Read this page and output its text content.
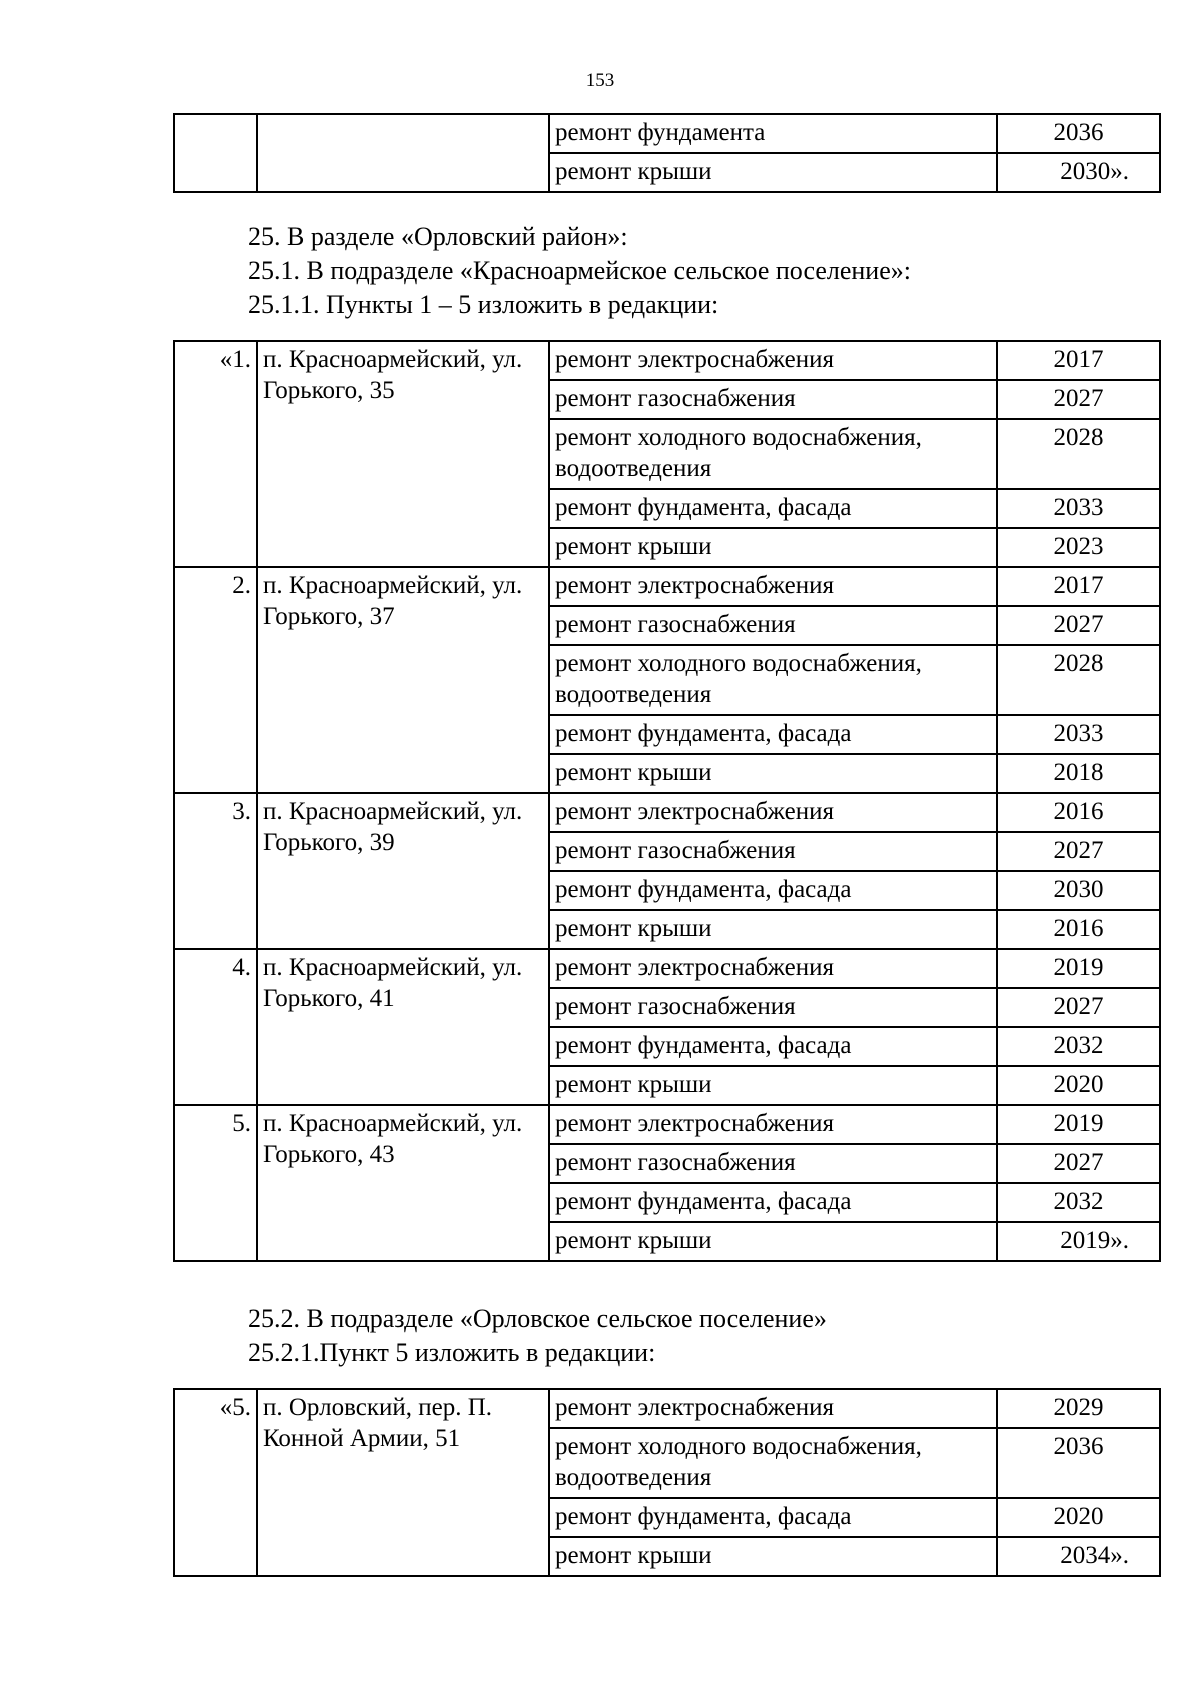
153
		ремонт фундамента	2036
		ремонт крыши	2030».
25. В разделе «Орловский район»:
25.1. В подразделе «Красноармейское сельское поселение»:
25.1.1. Пункты 1 – 5 изложить в редакции:
«1.	п. Красноармейский, ул. Горького, 35	ремонт электроснабжения	2017
		ремонт газоснабжения	2027
		ремонт холодного водоснабжения, водоотведения	2028
		ремонт фундамента, фасада	2033
		ремонт крыши	2023
2.	п. Красноармейский, ул. Горького, 37	ремонт электроснабжения	2017
		ремонт газоснабжения	2027
		ремонт холодного водоснабжения, водоотведения	2028
		ремонт фундамента, фасада	2033
		ремонт крыши	2018
3.	п. Красноармейский, ул. Горького, 39	ремонт электроснабжения	2016
		ремонт газоснабжения	2027
		ремонт фундамента, фасада	2030
		ремонт крыши	2016
4.	п. Красноармейский, ул. Горького, 41	ремонт электроснабжения	2019
		ремонт газоснабжения	2027
		ремонт фундамента, фасада	2032
		ремонт крыши	2020
5.	п. Красноармейский, ул. Горького, 43	ремонт электроснабжения	2019
		ремонт газоснабжения	2027
		ремонт фундамента, фасада	2032
		ремонт крыши	2019».
25.2. В подразделе «Орловское сельское поселение»
25.2.1.Пункт 5 изложить в редакции:
«5.	п. Орловский, пер. П. Конной Армии, 51	ремонт электроснабжения	2029
		ремонт холодного водоснабжения, водоотведения	2036
		ремонт фундамента, фасада	2020
		ремонт крыши	2034».
